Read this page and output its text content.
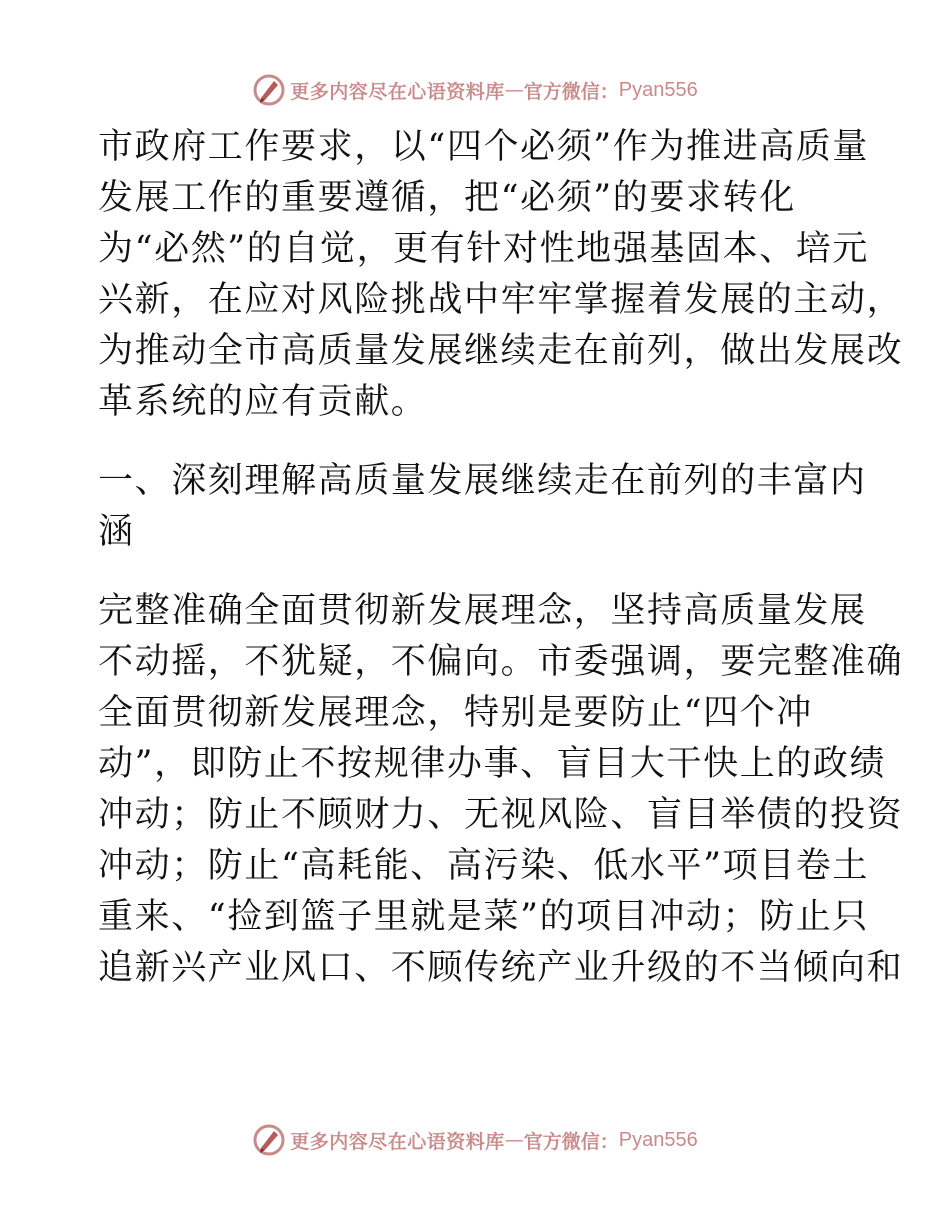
更多内容尽在心语资料库 — 官方微信： Pyan556
市政府工作要求，以“四个必须”作为推进高质量
发展工作的重要遵循，把“必须”的要求转化
为“必然”的自觉，更有针对性地强基固本、培元
兴新，在应对风险挑战中牢牢掌握着发展的主动，
为推动全市高质量发展继续走在前列，做出发展改
革系统的应有贡献。
一、深刻理解高质量发展继续走在前列的丰富内
涵
完整准确全面贯彻新发展理念，坚持高质量发展
不动摇，不犹疑，不偏向。市委强调，要完整准确
全面贯彻新发展理念，特别是要防止“四个冲
动”，即防止不按规律办事、盲目大干快上的政绩
冲动；防止不顾财力、无视风险、盲目举债的投资
冲动；防止“高耗能、高污染、低水平”项目卷土
重来、“捡到篮子里就是菜”的项目冲动；防止只
追新兴产业风口、不顾传统产业升级的不当倾向和
更多内容尽在心语资料库 — 官方微信： Pyan556
